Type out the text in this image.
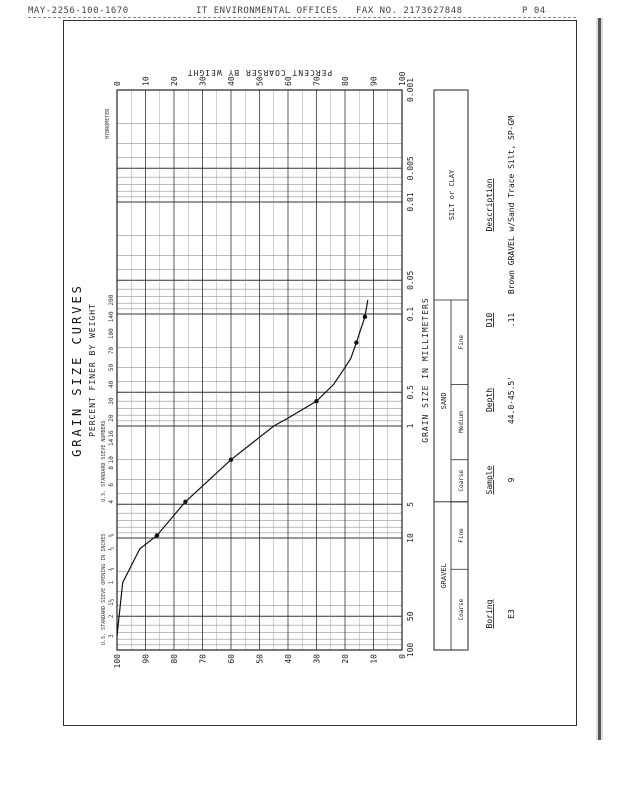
MAY-2256-100-1670	IT ENVIRONMENTAL OFFICES FAX NO. 2173627848	P 04
100
50
10
5
1
0.5
0.1
0.05
0.01
0.005
0.001
100
0
90
10
80
20
70
30
60
40
50
50
40
60
30
70
20
80
10
90
0
100
PERCENT FINER BY WEIGHT
PERCENT COARSER BY WEIGHT
GRAIN SIZE IN MILLIMETERS
GRAIN SIZE CURVES
U.S. STANDARD SIEVE OPENING IN INCHES 3
2
1½
1
¾
½
⅜
U.S. STANDARD SIEVE NUMBERS 4
6
8
10
14
16
20
30
40
50
70
100
140
200
HYDROMETER
GRAVEL
SAND
SILT or CLAY
Coarse
Fine
Coarse
Medium
Fine
Boring
Sample
Depth
D10
Description
E3
9
44.0-45.5'
.11
Brown GRAVEL w/Sand Trace Silt, SP-GM
